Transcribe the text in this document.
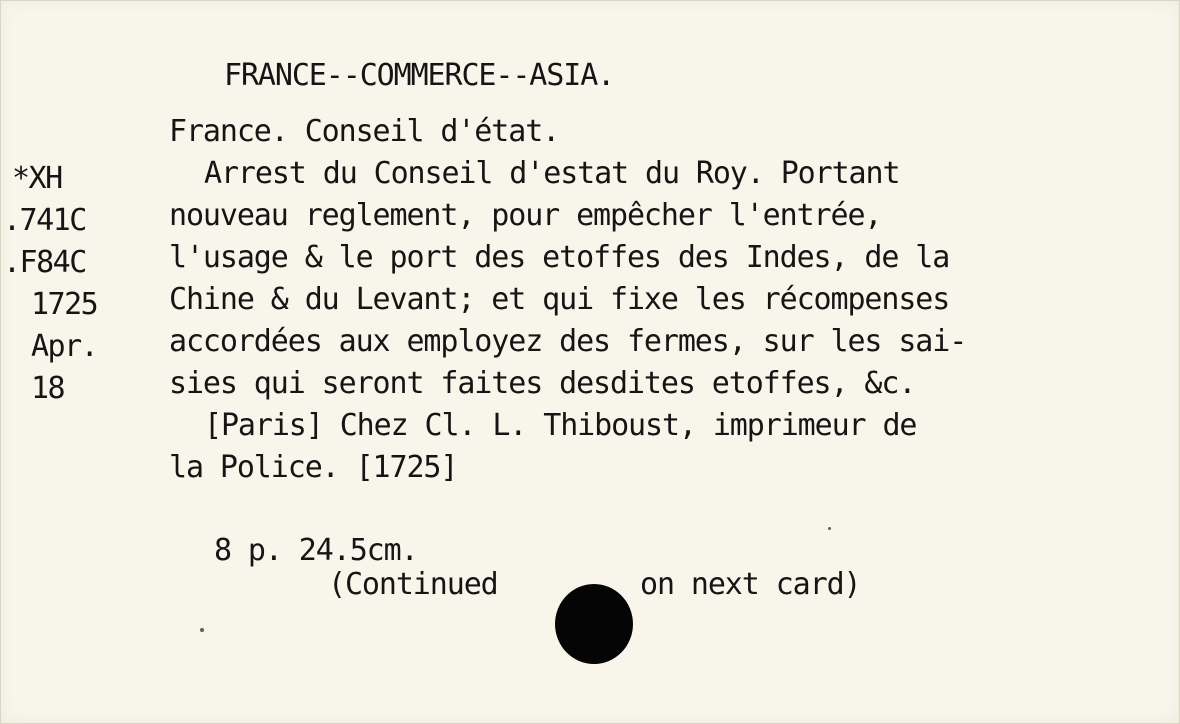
FRANCE--COMMERCE--ASIA.
France. Conseil d'état.
Arrest du Conseil d'estat du Roy. Portant
nouveau reglement, pour empêcher l'entrée,
l'usage & le port des etoffes des Indes, de la
Chine & du Levant; et qui fixe les récompenses
accordées aux employez des fermes, sur les sai-
sies qui seront faites desdites etoffes, &c.
[Paris] Chez Cl. L. Thiboust, imprimeur de
la Police. [1725]
*XH
.741C
.F84C
1725
Apr.
18
8 p. 24.5cm.
(Continued	on next card)
